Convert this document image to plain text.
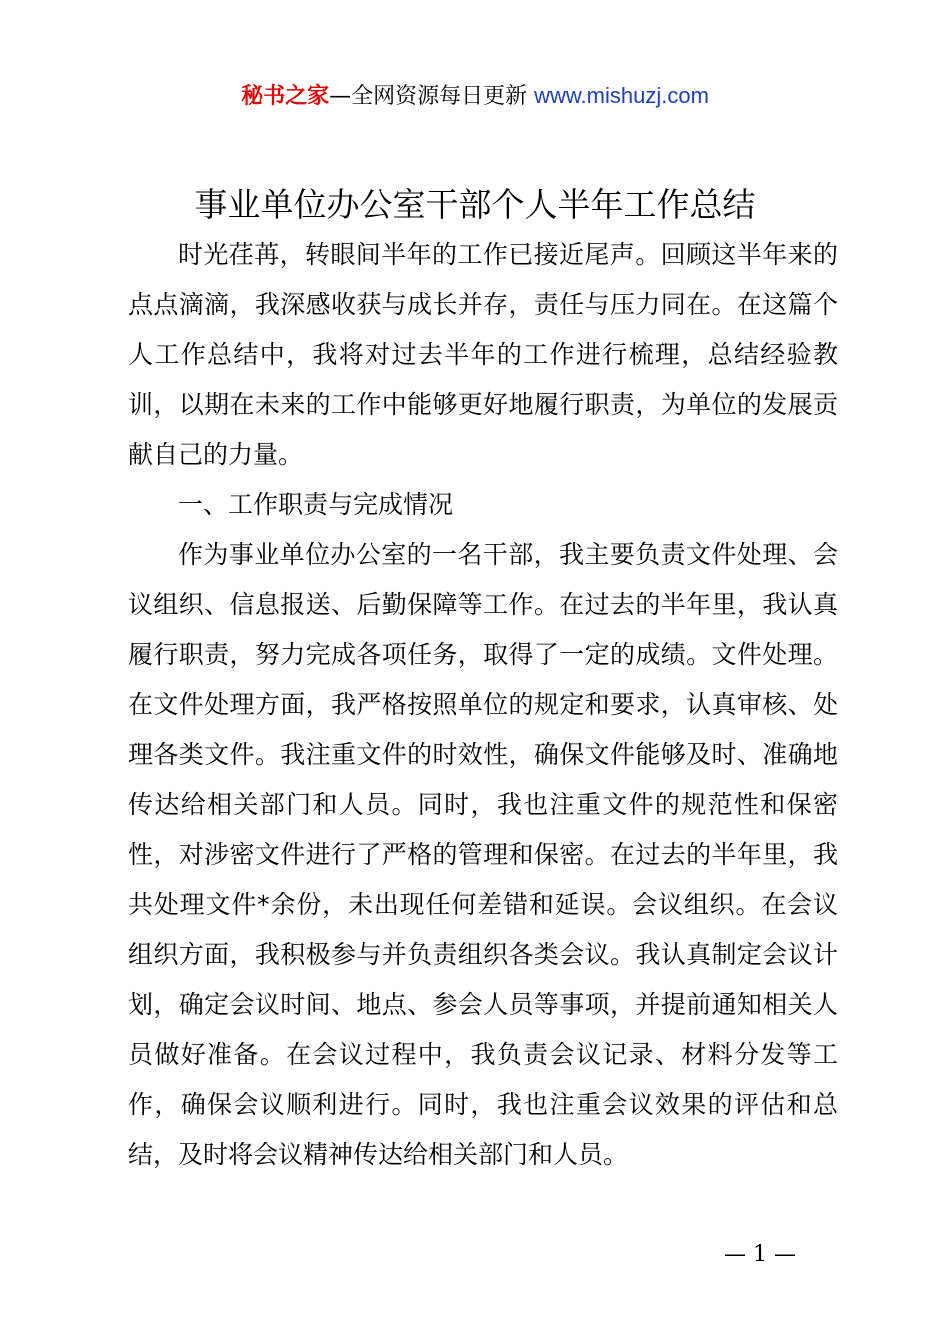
秘书之家—全网资源每日更新 www.mishuzj.com
事业单位办公室干部个人半年工作总结

时光荏苒，转眼间半年的工作已接近尾声。回顾这半年来的点点滴滴，我深感收获与成长并存，责任与压力同在。在这篇个人工作总结中，我将对过去半年的工作进行梳理，总结经验教训，以期在未来的工作中能够更好地履行职责，为单位的发展贡献自己的力量。

一、工作职责与完成情况

作为事业单位办公室的一名干部，我主要负责文件处理、会议组织、信息报送、后勤保障等工作。在过去的半年里，我认真履行职责，努力完成各项任务，取得了一定的成绩。文件处理。在文件处理方面，我严格按照单位的规定和要求，认真审核、处理各类文件。我注重文件的时效性，确保文件能够及时、准确地传达给相关部门和人员。同时，我也注重文件的规范性和保密性，对涉密文件进行了严格的管理和保密。在过去的半年里，我共处理文件*余份，未出现任何差错和延误。会议组织。在会议组织方面，我积极参与并负责组织各类会议。我认真制定会议计划，确定会议时间、地点、参会人员等事项，并提前通知相关人员做好准备。在会议过程中，我负责会议记录、材料分发等工作，确保会议顺利进行。同时，我也注重会议效果的评估和总结，及时将会议精神传达给相关部门和人员。

— 1 —
